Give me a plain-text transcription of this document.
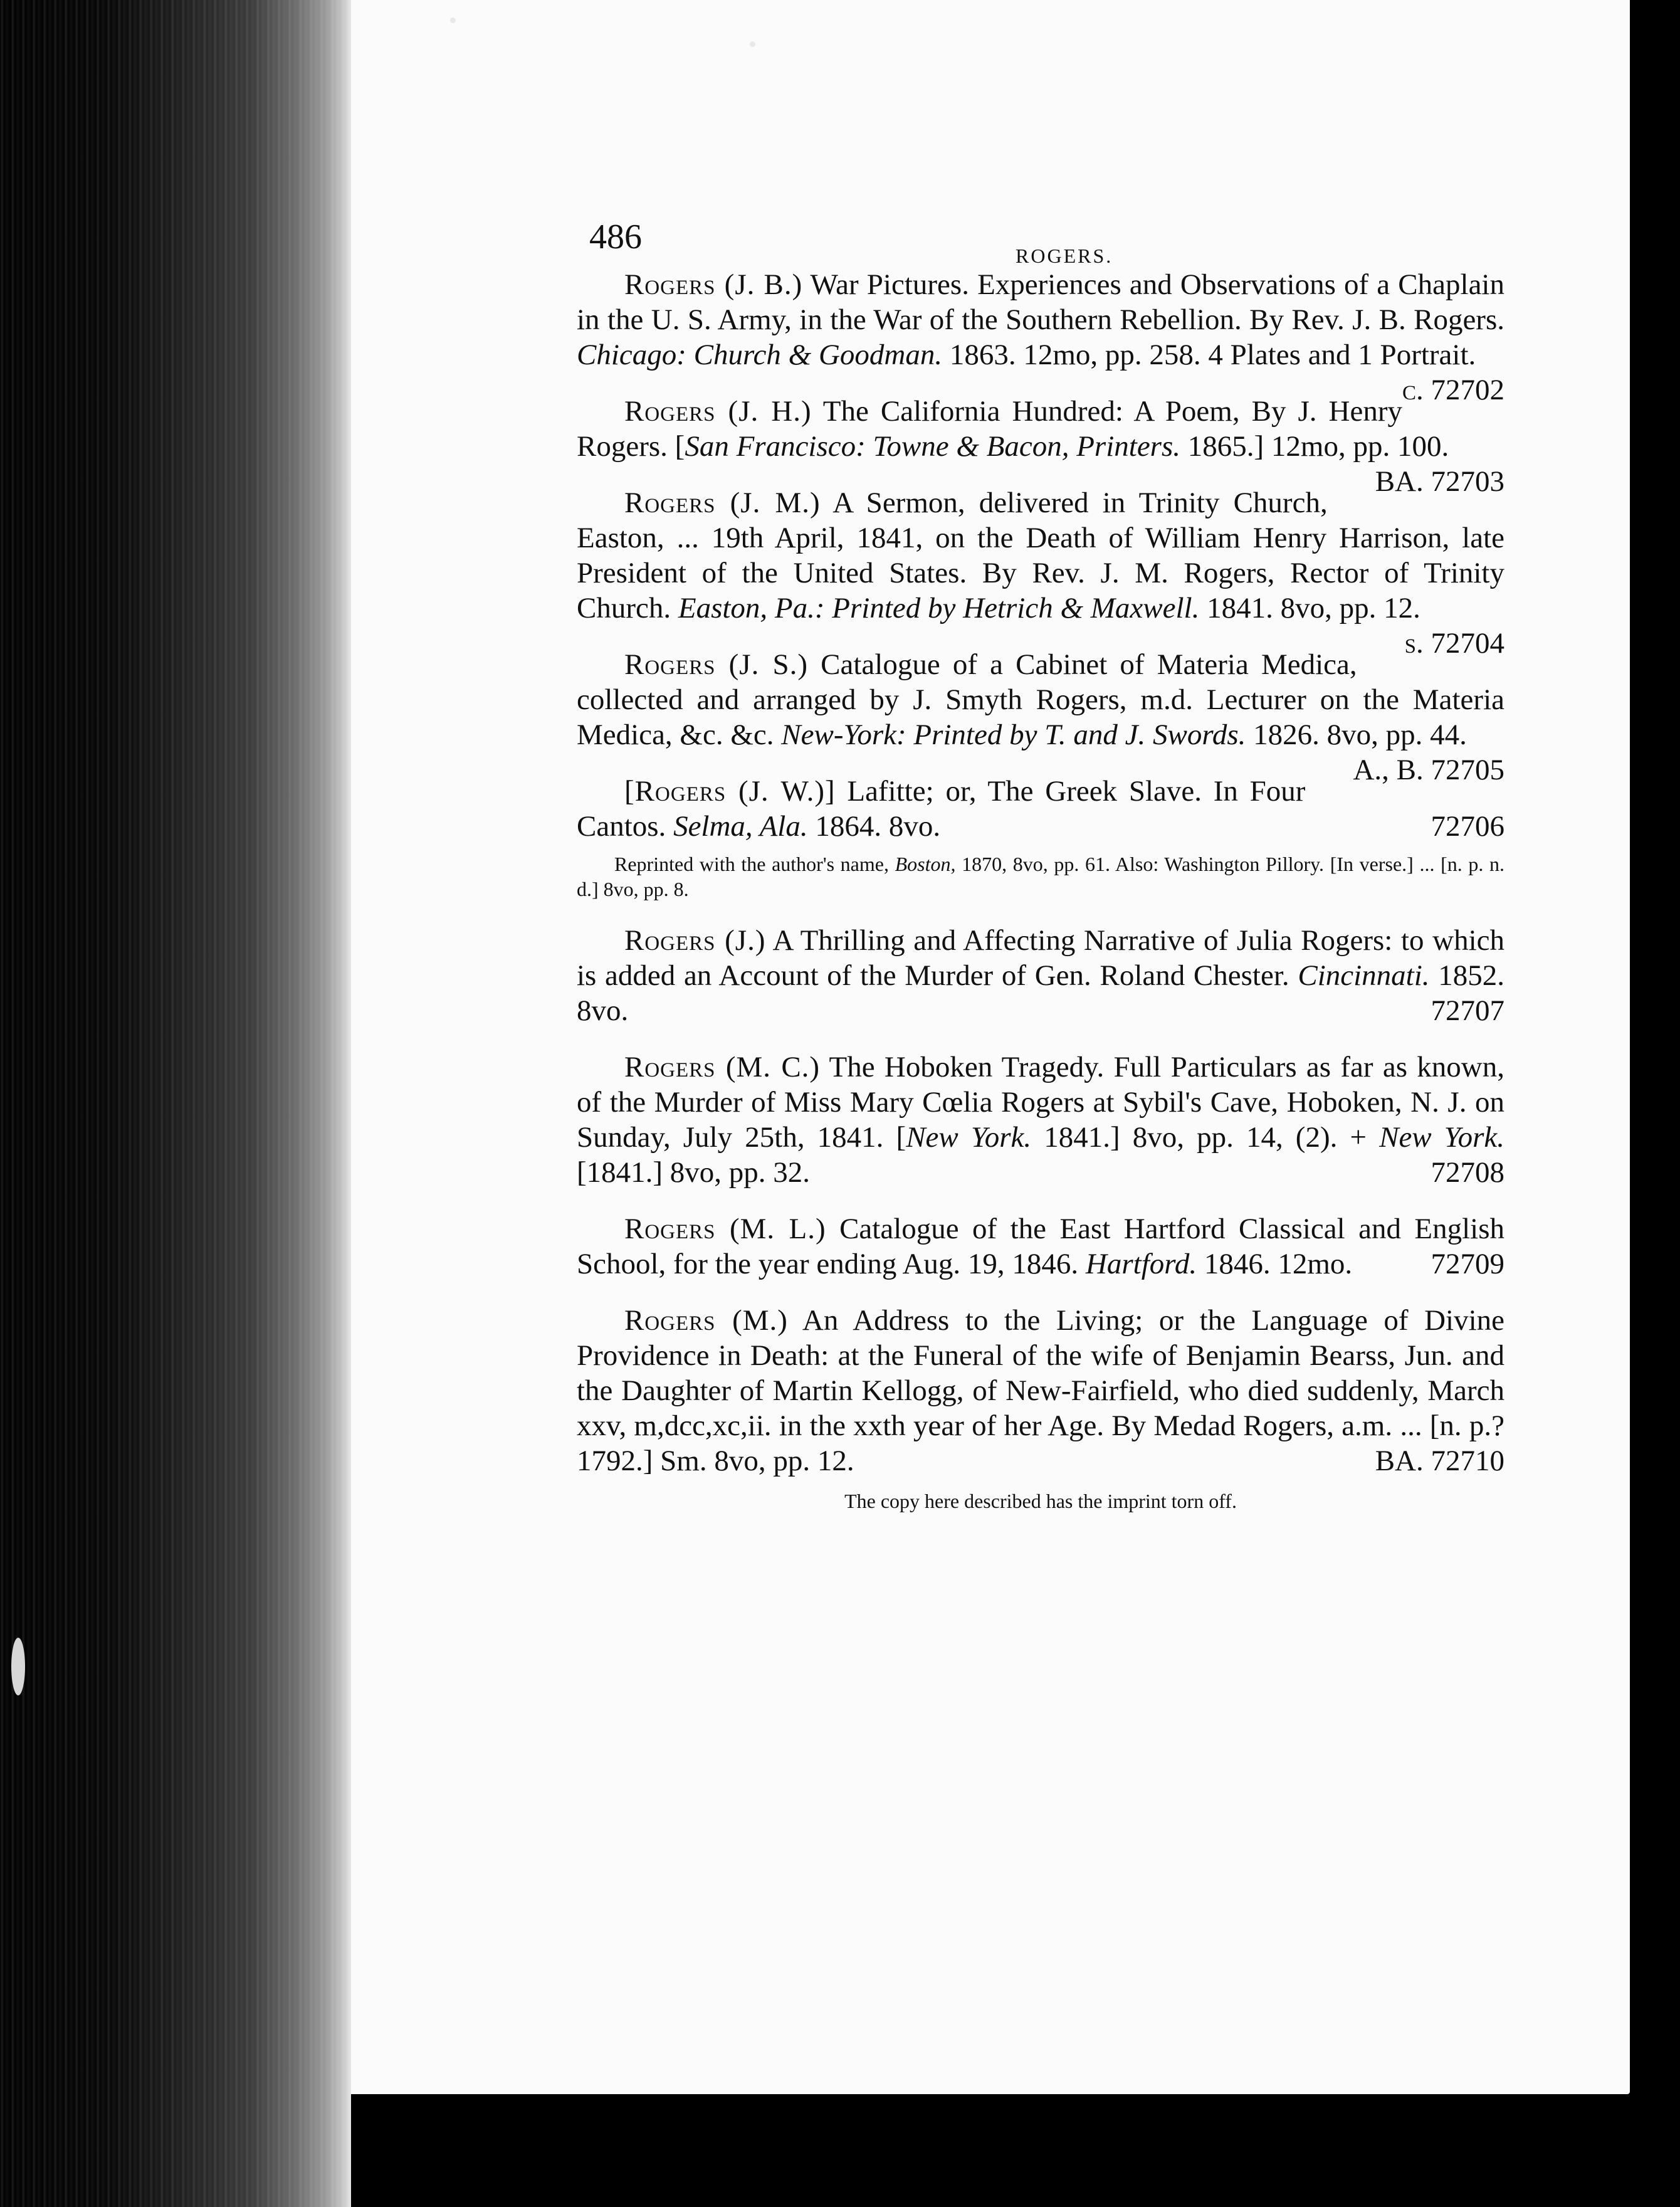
486	ROGERS.

Rogers (J. B.) War Pictures. Experiences and Observations of a Chaplain in the U. S. Army, in the War of the Southern Rebellion. By Rev. J. B. Rogers. Chicago: Church & Goodman. 1863. 12mo, pp. 258. 4 Plates and 1 Portrait.
c. 72702

Rogers (J. H.) The California Hundred: A Poem, By J. Henry Rogers. [San Francisco: Towne & Bacon, Printers. 1865.] 12mo, pp. 100.
BA. 72703

Rogers (J. M.) A Sermon, delivered in Trinity Church, Easton, ... 19th April, 1841, on the Death of William Henry Harrison, late President of the United States. By Rev. J. M. Rogers, Rector of Trinity Church. Easton, Pa.: Printed by Hetrich & Maxwell. 1841. 8vo, pp. 12.
s. 72704

Rogers (J. S.) Catalogue of a Cabinet of Materia Medica, collected and arranged by J. Smyth Rogers, m.d. Lecturer on the Materia Medica, &c. &c. New-York: Printed by T. and J. Swords. 1826. 8vo, pp. 44.
A., B. 72705

[Rogers (J. W.)] Lafitte; or, The Greek Slave. In Four Cantos. Selma, Ala. 1864. 8vo.	72706

Reprinted with the author's name, Boston, 1870, 8vo, pp. 61. Also: Washington Pillory. [In verse.] ... [n. p. n. d.] 8vo, pp. 8.

Rogers (J.) A Thrilling and Affecting Narrative of Julia Rogers: to which is added an Account of the Murder of Gen. Roland Chester. Cincinnati. 1852. 8vo.	72707

Rogers (M. C.) The Hoboken Tragedy. Full Particulars as far as known, of the Murder of Miss Mary Cœlia Rogers at Sybil's Cave, Hoboken, N. J. on Sunday, July 25th, 1841. [New York. 1841.] 8vo, pp. 14, (2). + New York. [1841.] 8vo, pp. 32.	72708

Rogers (M. L.) Catalogue of the East Hartford Classical and English School, for the year ending Aug. 19, 1846. Hartford. 1846. 12mo.	72709

Rogers (M.) An Address to the Living; or the Language of Divine Providence in Death: at the Funeral of the wife of Benjamin Bearss, Jun. and the Daughter of Martin Kellogg, of New-Fairfield, who died suddenly, March xxv, m,dcc,xc,ii. in the xxth year of her Age. By Medad Rogers, a.m. ... [n. p.? 1792.] Sm. 8vo, pp. 12.	BA. 72710

The copy here described has the imprint torn off.
